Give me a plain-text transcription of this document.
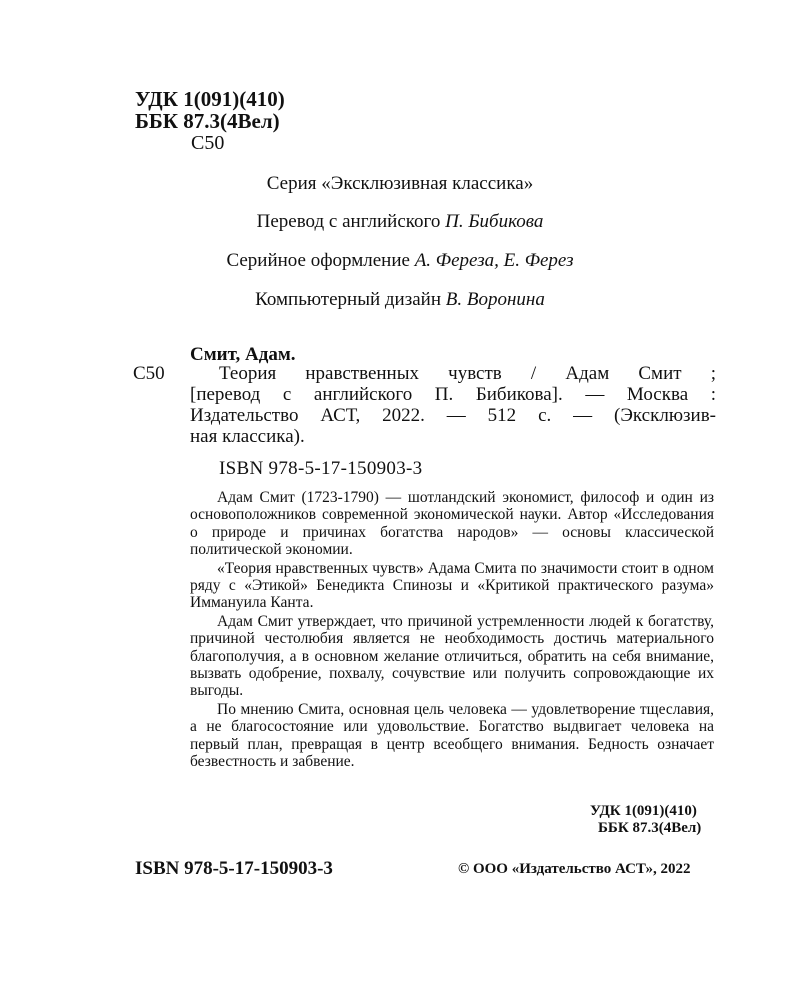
УДК 1(091)(410)
ББК 87.3(4Вел)
С50
Серия «Эксклюзивная классика»
Перевод с английского П. Бибикова
Серийное оформление А. Фереза, Е. Ферез
Компьютерный дизайн В. Воронина
Смит, Адам.
С50	Теория нравственных чувств / Адам Смит ;
[перевод с английского П. Бибикова]. — Москва :
Издательство АСТ, 2022. — 512 с. — (Эксклюзив-
ная классика).
ISBN 978-5-17-150903-3

Адам Смит (1723-1790) — шотландский экономист, философ и один из основоположников современной экономической науки. Автор «Исследования о природе и причинах богатства народов» — основы классической политической экономии.

«Теория нравственных чувств» Адама Смита по значимости стоит в одном ряду с «Этикой» Бенедикта Спинозы и «Критикой практического разума» Иммануила Канта.

Адам Смит утверждает, что причиной устремленности людей к богатству, причиной честолюбия является не необходимость достичь материального благополучия, а в основном желание отличиться, обратить на себя внимание, вызвать одобрение, похвалу, сочувствие или получить сопровождающие их выгоды.

По мнению Смита, основная цель человека — удовлетворение тщеславия, а не благосостояние или удовольствие. Богатство выдвигает человека на первый план, превращая в центр всеобщего внимания. Бедность означает безвестность и забвение.

УДК 1(091)(410)
ББК 87.3(4Вел)
ISBN 978-5-17-150903-3	© ООО «Издательство АСТ», 2022
